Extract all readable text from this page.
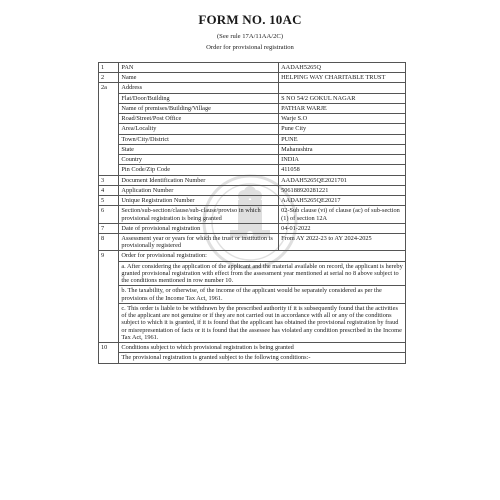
FORM NO. 10AC
(See rule 17A/11AA/2C)
Order for provisional registration
1	PAN	AADAH5265Q
2	Name	HELPING WAY CHARITABLE TRUST
2a	Address	
	Flat/Door/Building	S NO 54/2 GOKUL NAGAR
	Name of premises/Building/Village	PATHAR WARJE
	Road/Street/Post Office	Warje S.O
	Area/Locality	Pune City
	Town/City/District	PUNE
	State	Maharashtra
	Country	INDIA
	Pin Code/Zip Code	411058
3	Document Identification Number	AADAH5265QE2021701
4	Application Number	506188920281221
5	Unique Registration Number	AADAH5265QE20217
6	Section/sub-section/clause/sub-clause/proviso in which provisional registration is being granted	02-Sub clause (vi) of clause (ac) of sub-section (1) of section 12A
7	Date of provisional registration	04-01-2022
8	Assessment year or years for which the trust or institution is provisionally registered	From AY 2022-23 to AY 2024-2025
9	Order for provisional registration:	
	a. After considering the application of the applicant and the material available on record, the applicant is hereby granted provisional registration with effect from the assessment year mentioned at serial no 8 above subject to the conditions mentioned in row number 10.	
	b. The taxability, or otherwise, of the income of the applicant would be separately considered as per the provisions of the Income Tax Act, 1961.	
	c. This order is liable to be withdrawn by the prescribed authority if it is subsequently found that the activities of the applicant are not genuine or if they are not carried out in accordance with all or any of the conditions subject to which it is granted, if it is found that the applicant has obtained the provisional registration by fraud or misrepresentation of facts or it is found that the assessee has violated any condition prescribed in the Income Tax Act, 1961.	
10	Conditions subject to which provisional registration is being granted	
	The provisional registration is granted subject to the following conditions:-	
